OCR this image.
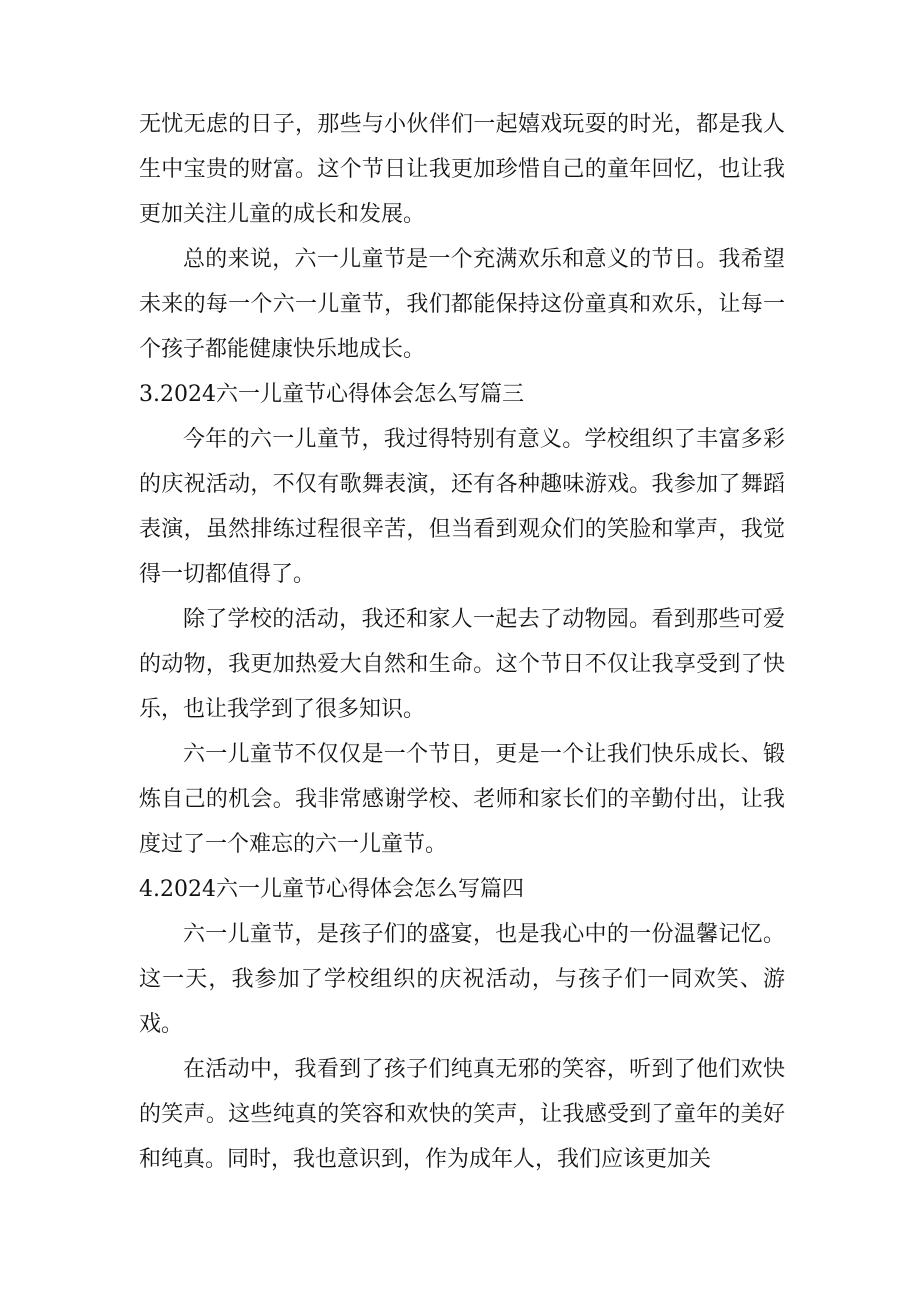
无忧无虑的日子，那些与小伙伴们一起嬉戏玩耍的时光，都是我人生中宝贵的财富。这个节日让我更加珍惜自己的童年回忆，也让我更加关注儿童的成长和发展。

总的来说，六一儿童节是一个充满欢乐和意义的节日。我希望未来的每一个六一儿童节，我们都能保持这份童真和欢乐，让每一个孩子都能健康快乐地成长。

3.2024六一儿童节心得体会怎么写篇三

今年的六一儿童节，我过得特别有意义。学校组织了丰富多彩的庆祝活动，不仅有歌舞表演，还有各种趣味游戏。我参加了舞蹈表演，虽然排练过程很辛苦，但当看到观众们的笑脸和掌声，我觉得一切都值得了。

除了学校的活动，我还和家人一起去了动物园。看到那些可爱的动物，我更加热爱大自然和生命。这个节日不仅让我享受到了快乐，也让我学到了很多知识。

六一儿童节不仅仅是一个节日，更是一个让我们快乐成长、锻炼自己的机会。我非常感谢学校、老师和家长们的辛勤付出，让我度过了一个难忘的六一儿童节。

4.2024六一儿童节心得体会怎么写篇四

六一儿童节，是孩子们的盛宴，也是我心中的一份温馨记忆。这一天，我参加了学校组织的庆祝活动，与孩子们一同欢笑、游戏。

在活动中，我看到了孩子们纯真无邪的笑容，听到了他们欢快的笑声。这些纯真的笑容和欢快的笑声，让我感受到了童年的美好和纯真。同时，我也意识到，作为成年人，我们应该更加关
